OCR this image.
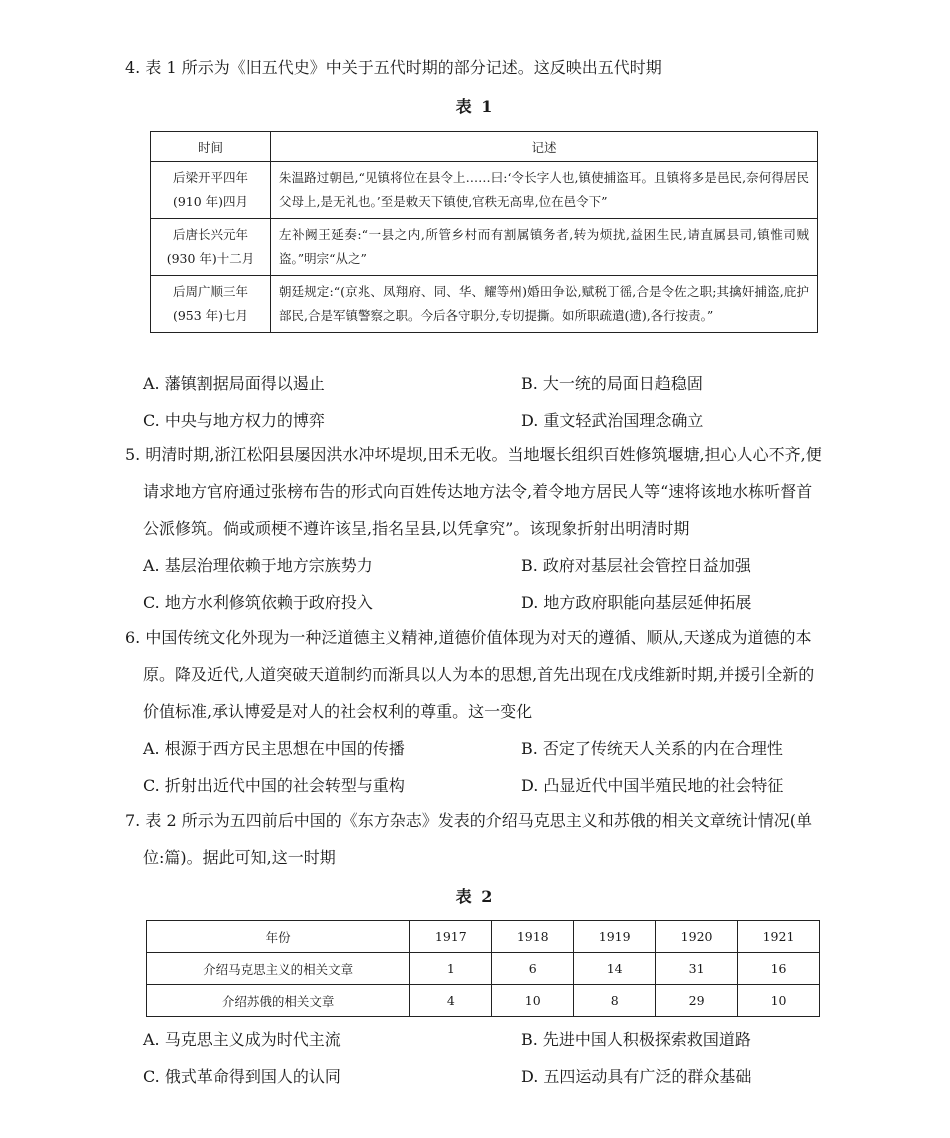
4. 表 1 所示为《旧五代史》中关于五代时期的部分记述。这反映出五代时期

表 1
时间	记述
后梁开平四年
(910 年)四月	朱温路过朝邑,“见镇将位在县令上……曰:‘令长字人也,镇使捕盗耳。且镇将多是邑民,奈何得居民父母上,是无礼也。’至是敕天下镇使,官秩无高卑,位在邑令下”
后唐长兴元年
(930 年)十二月	左补阙王延奏:“一县之内,所管乡村而有割属镇务者,转为烦扰,益困生民,请直属县司,镇惟司贼盗。”明宗“从之”
后周广顺三年
(953 年)七月	朝廷规定:“(京兆、凤翔府、同、华、耀等州)婚田争讼,赋税丁徭,合是令佐之职;其擒奸捕盗,庇护部民,合是军镇警察之职。今后各守职分,专切提撕。如所职疏遣(遗),各行按责。”
A. 藩镇割据局面得以遏止	B. 大一统的局面日趋稳固
C. 中央与地方权力的博弈	D. 重文轻武治国理念确立

5. 明清时期,浙江松阳县屡因洪水冲坏堤坝,田禾无收。当地堰长组织百姓修筑堰塘,担心人心不齐,便请求地方官府通过张榜布告的形式向百姓传达地方法令,着令地方居民人等“速将该地水栋听督首公派修筑。倘或顽梗不遵许该呈,指名呈县,以凭拿究”。该现象折射出明清时期

A. 基层治理依赖于地方宗族势力	B. 政府对基层社会管控日益加强
C. 地方水利修筑依赖于政府投入	D. 地方政府职能向基层延伸拓展

6. 中国传统文化外现为一种泛道德主义精神,道德价值体现为对天的遵循、顺从,天遂成为道德的本原。降及近代,人道突破天道制约而渐具以人为本的思想,首先出现在戊戌维新时期,并援引全新的价值标准,承认博爱是对人的社会权利的尊重。这一变化

A. 根源于西方民主思想在中国的传播	B. 否定了传统天人关系的内在合理性
C. 折射出近代中国的社会转型与重构	D. 凸显近代中国半殖民地的社会特征

7. 表 2 所示为五四前后中国的《东方杂志》发表的介绍马克思主义和苏俄的相关文章统计情况(单位:篇)。据此可知,这一时期

表 2
年份	1917	1918	1919	1920	1921
介绍马克思主义的相关文章	1	6	14	31	16
介绍苏俄的相关文章	4	10	8	29	10
A. 马克思主义成为时代主流	B. 先进中国人积极探索救国道路
C. 俄式革命得到国人的认同	D. 五四运动具有广泛的群众基础
